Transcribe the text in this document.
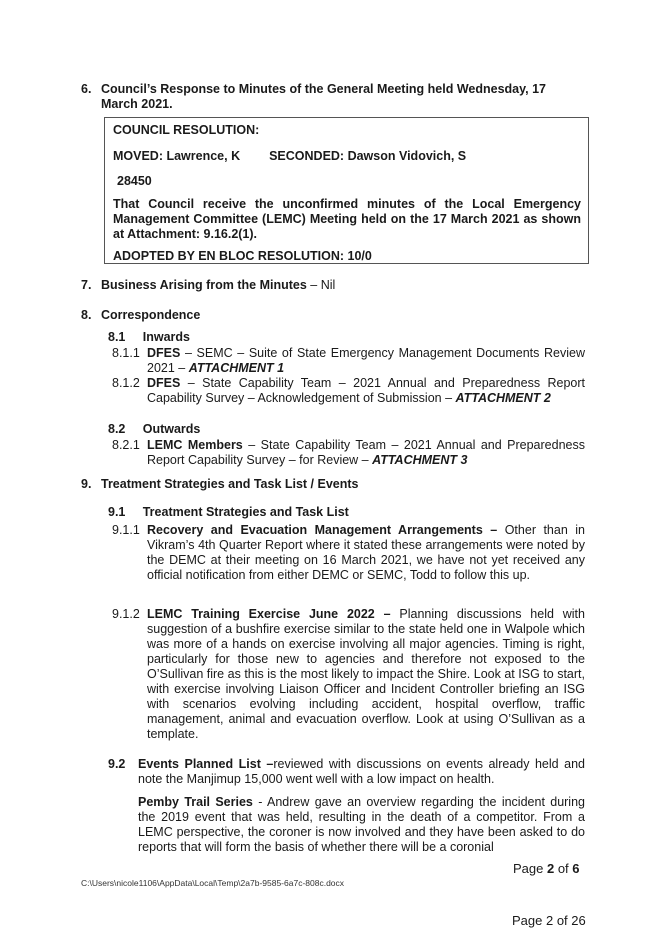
6. Council’s Response to Minutes of the General Meeting held Wednesday, 17 March 2021.
COUNCIL RESOLUTION:
MOVED: Lawrence, K SECONDED: Dawson Vidovich, S
28450
That Council receive the unconfirmed minutes of the Local Emergency Management Committee (LEMC) Meeting held on the 17 March 2021 as shown at Attachment: 9.16.2(1).
ADOPTED BY EN BLOC RESOLUTION: 10/0
7. Business Arising from the Minutes – Nil
8. Correspondence
8.1     Inwards
8.1.1 DFES – SEMC – Suite of State Emergency Management Documents Review 2021 – ATTACHMENT 1
8.1.2 DFES – State Capability Team – 2021 Annual and Preparedness Report Capability Survey – Acknowledgement of Submission – ATTACHMENT 2
8.2     Outwards
8.2.1 LEMC Members – State Capability Team – 2021 Annual and Preparedness Report Capability Survey – for Review – ATTACHMENT 3
9. Treatment Strategies and Task List / Events
9.1     Treatment Strategies and Task List
9.1.1 Recovery and Evacuation Management Arrangements – Other than in Vikram’s 4th Quarter Report where it stated these arrangements were noted by the DEMC at their meeting on 16 March 2021, we have not yet received any official notification from either DEMC or SEMC, Todd to follow this up.
9.1.2 LEMC Training Exercise June 2022 – Planning discussions held with suggestion of a bushfire exercise similar to the state held one in Walpole which was more of a hands on exercise involving all major agencies. Timing is right, particularly for those new to agencies and therefore not exposed to the O’Sullivan fire as this is the most likely to impact the Shire. Look at ISG to start, with exercise involving Liaison Officer and Incident Controller briefing an ISG with scenarios evolving including accident, hospital overflow, traffic management, animal and evacuation overflow. Look at using O’Sullivan as a template.
9.2 Events Planned List –reviewed with discussions on events already held and note the Manjimup 15,000 went well with a low impact on health.
Pemby Trail Series - Andrew gave an overview regarding the incident during the 2019 event that was held, resulting in the death of a competitor. From a LEMC perspective, the coroner is now involved and they have been asked to do reports that will form the basis of whether there will be a coronial
Page 2 of 6
C:\Users\nicole1106\AppData\Local\Temp\2a7b-9585-6a7c-808c.docx
Page 2 of 26
